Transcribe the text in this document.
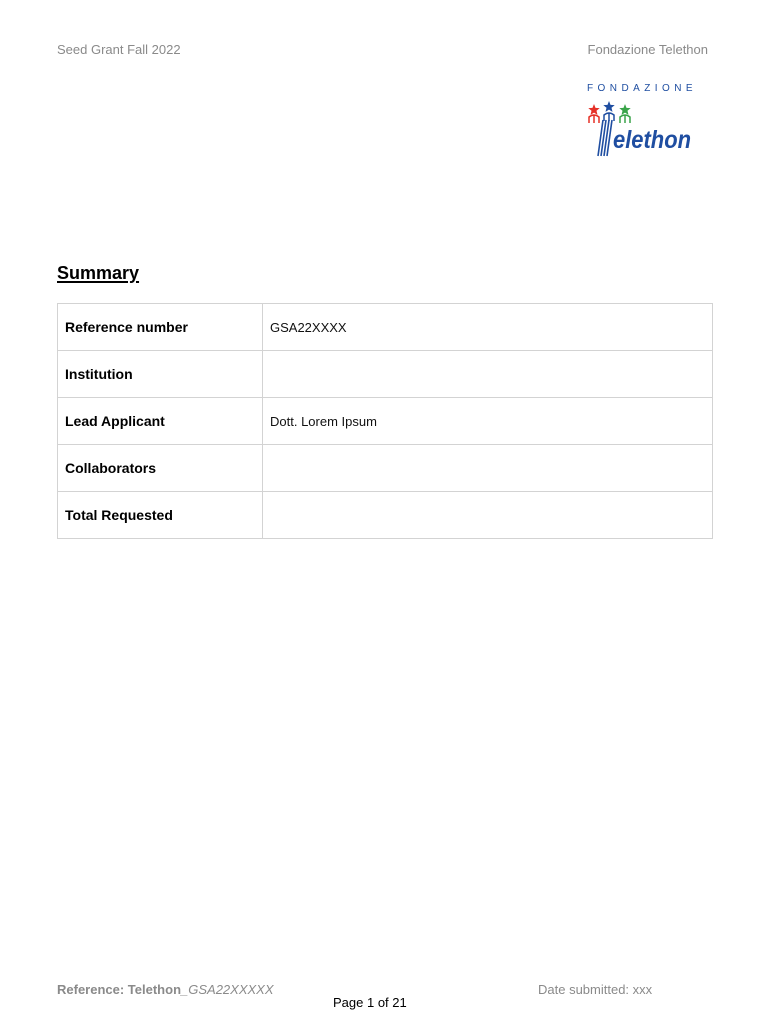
Seed Grant Fall 2022	Fondazione Telethon
FONDAZIONE
elethon
Summary
Reference number	GSA22XXXX
Institution	
Lead Applicant	Dott. Lorem Ipsum
Collaborators	
Total Requested	
Reference: Telethon_GSA22XXXXX	Date submitted: xxx
Page 1 of 21
